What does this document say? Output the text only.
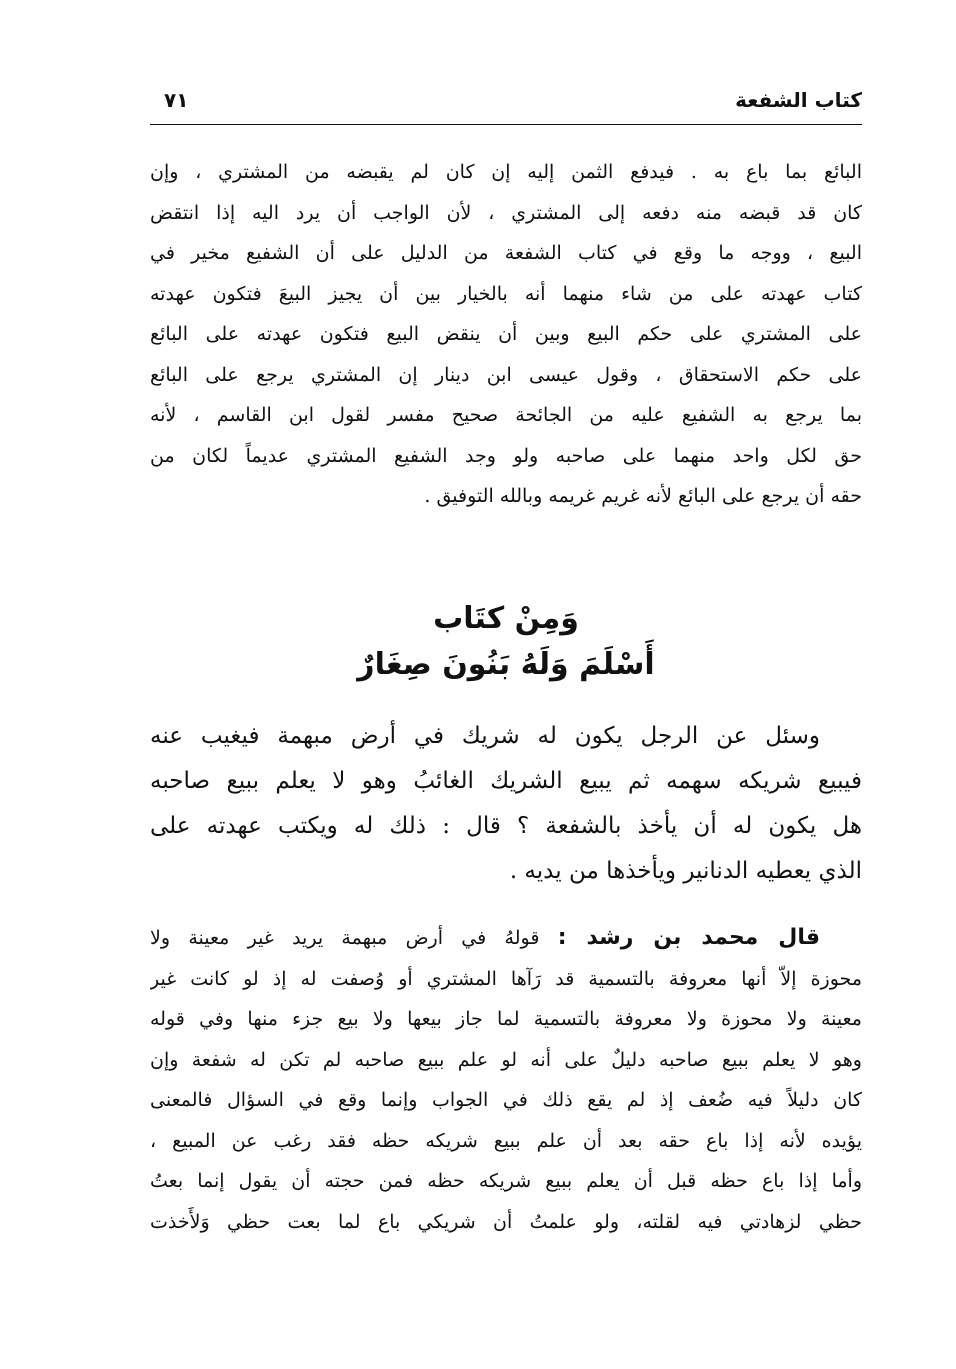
كتاب الشفعة
٧١

البائع بما باع به . فيدفع الثمن إليه إن كان لم يقبضه من المشتري ، وإن
كان قد قبضه منه دفعه إلى المشتري ، لأن الواجب أن يرد اليه إذا انتقض
البيع ، ووجه ما وقع في كتاب الشفعة من الدليل على أن الشفيع مخير في
كتاب عهدته على من شاء منهما أنه بالخيار بين أن يجيز البيعَ فتكون عهدته
على المشتري على حكم البيع وبين أن ينقض البيع فتكون عهدته على البائع
على حكم الاستحقاق ، وقول عيسى ابن دينار إن المشتري يرجع على البائع
بما يرجع به الشفيع عليه من الجائحة صحيح مفسر لقول ابن القاسم ، لأنه
حق لكل واحد منهما على صاحبه ولو وجد الشفيع المشتري عديماً لكان من
حقه أن يرجع على البائع لأنه غريم غريمه وبالله التوفيق .

وَمِنْ كتَاب
أَسْلَمَ وَلَهُ بَنُونَ صِغَارٌ

وسئل عن الرجل يكون له شريك في أرض مبهمة فيغيب عنه
فيبيع شريكه سهمه ثم يبيع الشريك الغائبُ وهو لا يعلم ببيع صاحبه
هل يكون له أن يأخذ بالشفعة ؟ قال : ذلك له ويكتب عهدته على
الذي يعطيه الدنانير ويأخذها من يديه .

قال محمد بن رشد : قولهُ في أرض مبهمة يريد غير معينة ولا
محوزة إلاّ أنها معروفة بالتسمية قد رَآها المشتري أو وُصفت له إذ لو كانت غير
معينة ولا محوزة ولا معروفة بالتسمية لما جاز بيعها ولا بيع جزء منها وفي قوله
وهو لا يعلم ببيع صاحبه دليلٌ على أنه لو علم ببيع صاحبه لم تكن له شفعة وإن
كان دليلاً فيه ضُعف إذ لم يقع ذلك في الجواب وإنما وقع في السؤال فالمعنى
يؤيده لأنه إذا باع حقه بعد أن علم ببيع شريكه حظه فقد رغب عن المبيع ،
وأما إذا باع حظه قبل أن يعلم ببيع شريكه حظه فمن حجته أن يقول إنما بعتُ
حظي لزهادتي فيه لقلته، ولو علمتُ أن شريكي باع لما بعت حظي وَلأَخذت
